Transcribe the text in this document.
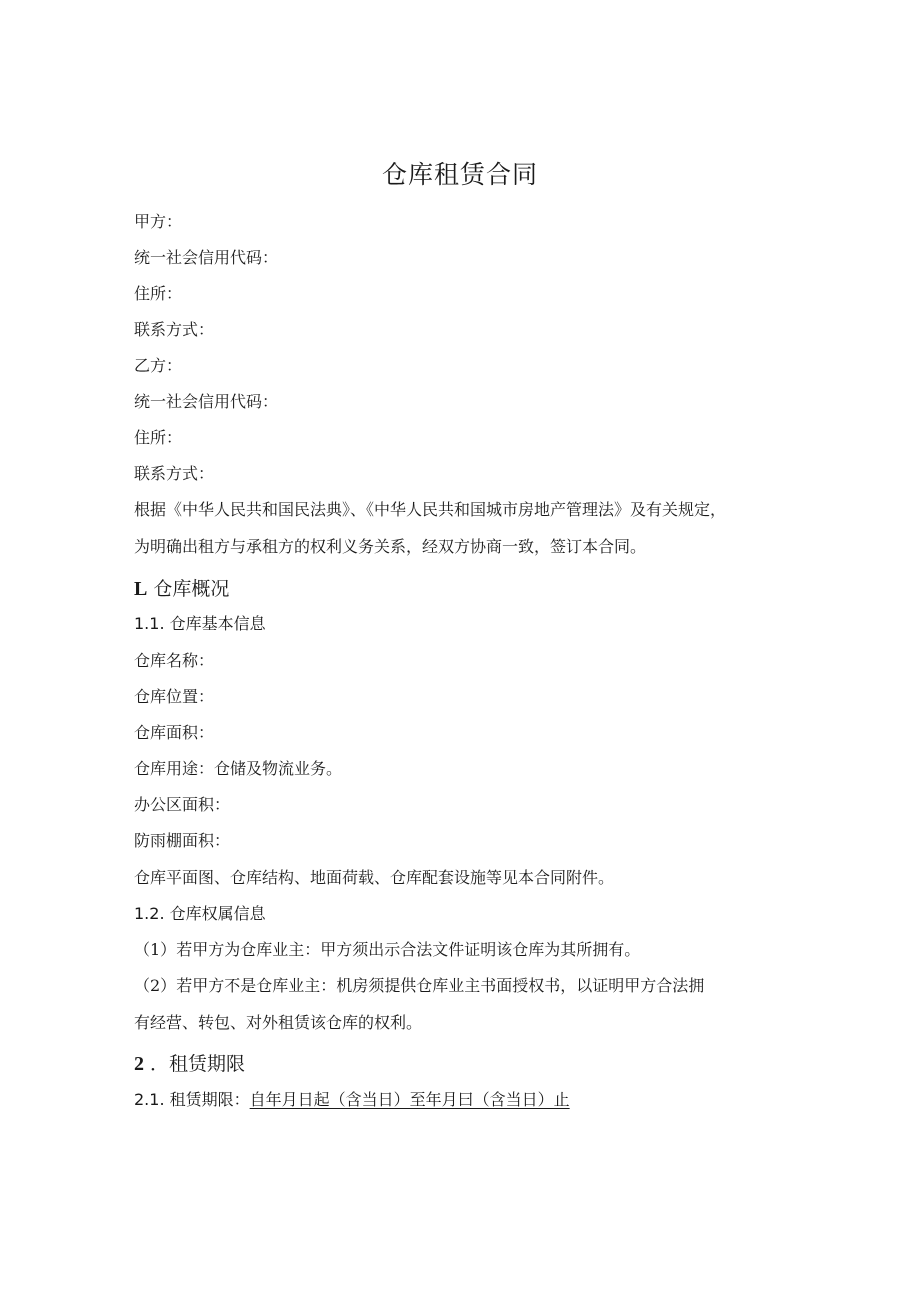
仓库租赁合同
甲方：
统一社会信用代码：
住所：
联系方式：
乙方：
统一社会信用代码：
住所：
联系方式：
根据《中华人民共和国民法典》、《中华人民共和国城市房地产管理法》及有关规定，
为明确出租方与承租方的权利义务关系，经双方协商一致，签订本合同。
L 仓库概况
1.1. 仓库基本信息
仓库名称：
仓库位置：
仓库面积：
仓库用途：仓储及物流业务。
办公区面积：
防雨棚面积：
仓库平面图、仓库结构、地面荷载、仓库配套设施等见本合同附件。
1.2. 仓库权属信息
（1）若甲方为仓库业主：甲方须出示合法文件证明该仓库为其所拥有。
（2）若甲方不是仓库业主：机房须提供仓库业主书面授权书，以证明甲方合法拥
有经营、转包、对外租赁该仓库的权利。
2 ．租赁期限
2.1. 租赁期限：自年月日起（含当日）至年月曰（含当日）止
